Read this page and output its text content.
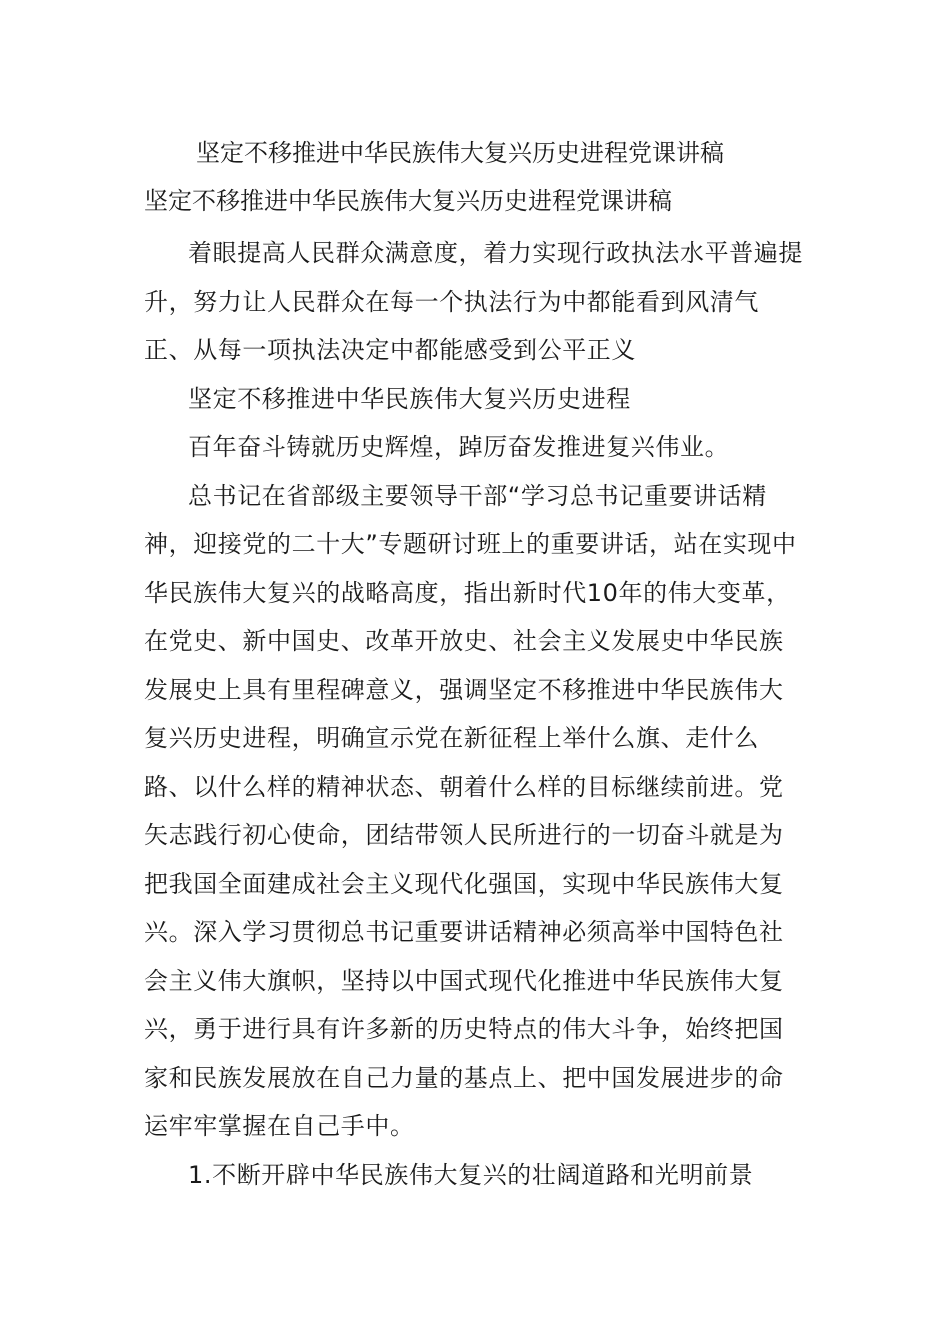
坚定不移推进中华民族伟大复兴历史进程党课讲稿
坚定不移推进中华民族伟大复兴历史进程党课讲稿

着眼提高人民群众满意度，着力实现行政执法水平普遍提升，努力让人民群众在每一个执法行为中都能看到风清气正、从每一项执法决定中都能感受到公平正义

坚定不移推进中华民族伟大复兴历史进程

百年奋斗铸就历史辉煌，踔厉奋发推进复兴伟业。

总书记在省部级主要领导干部“学习总书记重要讲话精神，迎接党的二十大”专题研讨班上的重要讲话，站在实现中华民族伟大复兴的战略高度，指出新时代10年的伟大变革，在党史、新中国史、改革开放史、社会主义发展史中华民族发展史上具有里程碑意义，强调坚定不移推进中华民族伟大复兴历史进程，明确宣示党在新征程上举什么旗、走什么路、以什么样的精神状态、朝着什么样的目标继续前进。党矢志践行初心使命，团结带领人民所进行的一切奋斗就是为把我国全面建成社会主义现代化强国，实现中华民族伟大复兴。深入学习贯彻总书记重要讲话精神必须高举中国特色社会主义伟大旗帜，坚持以中国式现代化推进中华民族伟大复兴，勇于进行具有许多新的历史特点的伟大斗争，始终把国家和民族发展放在自己力量的基点上、把中国发展进步的命运牢牢掌握在自己手中。

1.不断开辟中华民族伟大复兴的壮阔道路和光明前景
